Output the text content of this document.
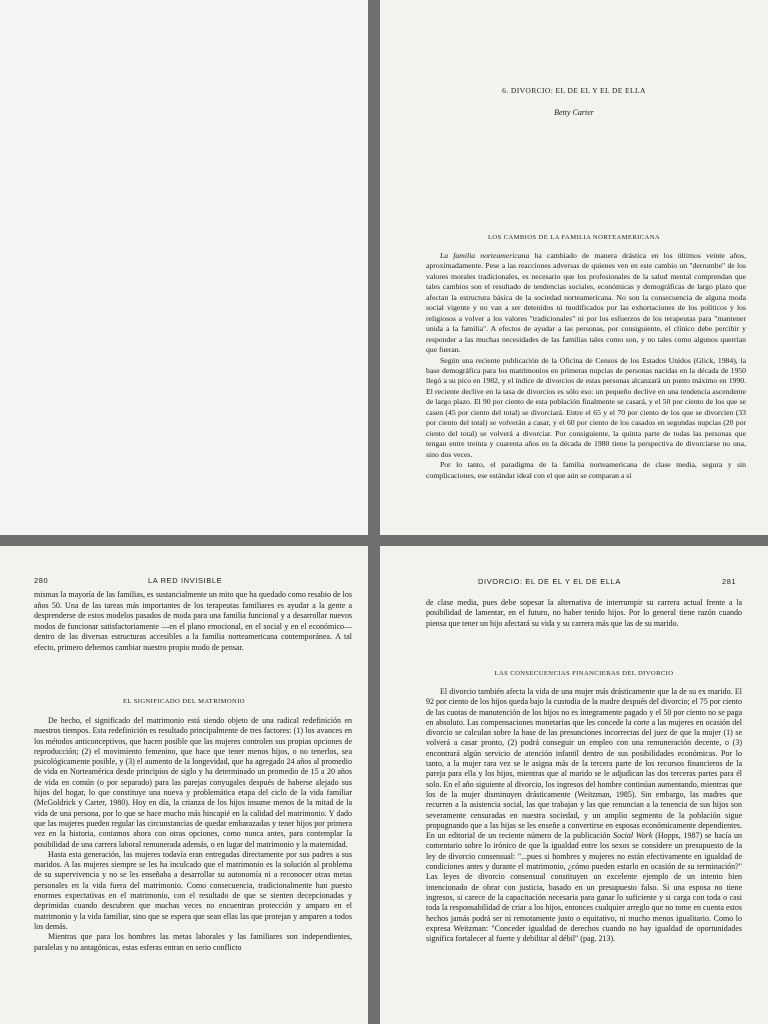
6. DIVORCIO: EL DE EL Y EL DE ELLA
Betty Carter
LOS CAMBIOS DE LA FAMILIA NORTEAMERICANA

La familia norteamericana ha cambiado de manera drástica en los últimos veinte años, aproximadamente. Pese a las reacciones adversas de quienes ven en este cambio un "derrumbe" de los valores morales tradicionales, es necesario que los profesionales de la salud mental comprendan que tales cambios son el resultado de tendencias sociales, económicas y demográficas de largo plazo que afectan la estructura básica de la sociedad norteamericana. No son la consecuencia de alguna moda social vigente y no van a ser detenidos ni modificados por las exhortaciones de los políticos y los religiosos a volver a los valores "tradicionales" ni por los esfuerzos de los terapeutas para "mantener unida a la familia". A efectos de ayudar a las personas, por consiguiente, el clínico debe percibir y responder a las muchas necesidades de las familias tales como son, y no tales como algunos querrían que fueran.

Según una reciente publicación de la Oficina de Censos de los Estados Unidos (Glick, 1984), la base demográfica para los matrimonios en primeras nupcias de personas nacidas en la década de 1950 llegó a su pico en 1982, y el índice de divorcios de estas personas alcanzará un punto máximo en 1990. El reciente declive en la tasa de divorcios es sólo eso: un pequeño declive en una tendencia ascendente de largo plazo. El 90 por ciento de esta población finalmente se casará, y el 50 por ciento de los que se casen (45 por ciento del total) se divorciará. Entre el 65 y el 70 por ciento de los que se divorcien (33 por ciento del total) se volverán a casar, y el 60 por ciento de los casados en segundas nupcias (20 por ciento del total) se volverá a divorciar. Por consiguiente, la quinta parte de todas las personas que tengan entre treinta y cuarenta años en la década de 1980 tiene la perspectiva de divorciarse no una, sino dos veces.

Por lo tanto, el paradigma de la familia norteamericana de clase media, segura y sin complicaciones, ese estándar ideal con el que aún se comparan a sí

280	LA RED INVISIBLE

mismas la mayoría de las familias, es sustancialmente un mito que ha quedado como resabio de los años 50. Una de las tareas más importantes de los terapeutas familiares es ayudar a la gente a desprenderse de estos modelos pasados de moda para una familia funcional y a desarrollar nuevos modos de funcionar satisfactoriamente —en el plano emocional, en el social y en el económico— dentro de las diversas estructuras accesibles a la familia norteamericana contemporánea. A tal efecto, primero debemos cambiar nuestro propio modo de pensar.

EL SIGNIFICADO DEL MATRIMONIO

De hecho, el significado del matrimonio está siendo objeto de una radical redefinición en nuestros tiempos. Esta redefinición es resultado principalmente de tres factores: (1) los avances en los métodos anticonceptivos, que hacen posible que las mujeres controlen sus propias opciones de reproducción; (2) el movimiento femenino, que hace que tener menos hijos, o no tenerlos, sea psicológicamente posible, y (3) el aumento de la longevidad, que ha agregado 24 años al promedio de vida en Norteamérica desde principios de siglo y ha determinado un promedio de 15 a 20 años de vida en común (o por separado) para las parejas conyugales después de haberse alejado sus hijos del hogar, lo que constituye una nueva y problemática etapa del ciclo de la vida familiar (McGoldrick y Carter, 1980). Hoy en día, la crianza de los hijos insume menos de la mitad de la vida de una persona, por lo que se hace mucho más hincapié en la calidad del matrimonio. Y dado que las mujeres pueden regular las circunstancias de quedar embarazadas y tener hijos por primera vez en la historia, contamos ahora con otras opciones, como nunca antes, para contemplar la posibilidad de una carrera laboral remunerada además, o en lugar del matrimonio y la maternidad.

Hasta esta generación, las mujeres todavía eran entregadas directamente por sus padres a sus maridos. A las mujeres siempre se les ha inculcado que el matrimonio es la solución al problema de su supervivencia y no se les enseñaba a desarrollar su autonomía ni a reconocer otras metas personales en la vida fuera del matrimonio. Como consecuencia, tradicionalmente han puesto enormes expectativas en el matrimonio, con el resultado de que se sienten decepcionadas y deprimidas cuando descubren que muchas veces no encuentran protección y amparo en el matrimonio y la vida familiar, sino que se espera que sean ellas las que protejan y amparen a todos los demás.

Mientras que para los hombres las metas laborales y las familiares son independientes, paralelas y no antagónicas, estas esferas entran en serio conflicto

DIVORCIO: EL DE EL Y EL DE ELLA	281

de clase media, pues debe sopesar la alternativa de interrumpir su carrera actual frente a la posibilidad de lamentar, en el futuro, no haber tenido hijos. Por lo general tiene razón cuando piensa que tener un hijo afectará su vida y su carrera más que las de su marido.

LAS CONSECUENCIAS FINANCIERAS DEL DIVORCIO

El divorcio también afecta la vida de una mujer más drásticamente que la de su ex marido. El 92 por ciento de los hijos queda bajo la custodia de la madre después del divorcio; el 75 por ciento de las cuotas de manutención de los hijos no es íntegramente pagado y el 50 por ciento no se paga en absoluto. Las compensaciones monetarias que les concede la corte a las mujeres en ocasión del divorcio se calculan sobre la base de las presunciones incorrectas del juez de que la mujer (1) se volverá a casar pronto, (2) podrá conseguir un empleo con una remuneración decente, o (3) encontrará algún servicio de atención infantil dentro de sus posibilidades económicas. Por lo tanto, a la mujer rara vez se le asigna más de la tercera parte de los recursos financieros de la pareja para ella y los hijos, mientras que al marido se le adjudican las dos terceras partes para él solo. En el año siguiente al divorcio, los ingresos del hombre continúan aumentando, mientras que los de la mujer disminuyen drásticamente (Weitzman, 1985). Sin embargo, las madres que recurren a la asistencia social, las que trabajan y las que renuncian a la tenencia de sus hijos son severamente censuradas en nuestra sociedad, y un amplio segmento de la población sigue propugnando que a las hijas se les enseñe a convertirse en esposas económicamente dependientes. En un editorial de un reciente número de la publicación Social Work (Hopps, 1987) se hacía un comentario sobre lo irónico de que la igualdad entre los sexos se considere un presupuesto de la ley de divorcio consensual: "...pues si hombres y mujeres no están efectivamente en igualdad de condiciones antes y durante el matrimonio, ¿cómo pueden estarlo en ocasión de su terminación?" Las leyes de divorcio consensual constituyen un excelente ejemplo de un intento bien intencionado de obrar con justicia, basado en un presupuesto falso. Si una esposa no tiene ingresos, si carece de la capacitación necesaria para ganar lo suficiente y si carga con toda o casi toda la responsabilidad de criar a los hijos, entonces cualquier arreglo que no tome en cuenta estos hechos jamás podrá ser ni remotamente justo o equitativo, ni mucho menos igualitario. Como lo expresa Weitzman: "Conceder igualdad de derechos cuando no hay igualdad de oportunidades significa fortalecer al fuerte y debilitar al débil" (pag. 213).
